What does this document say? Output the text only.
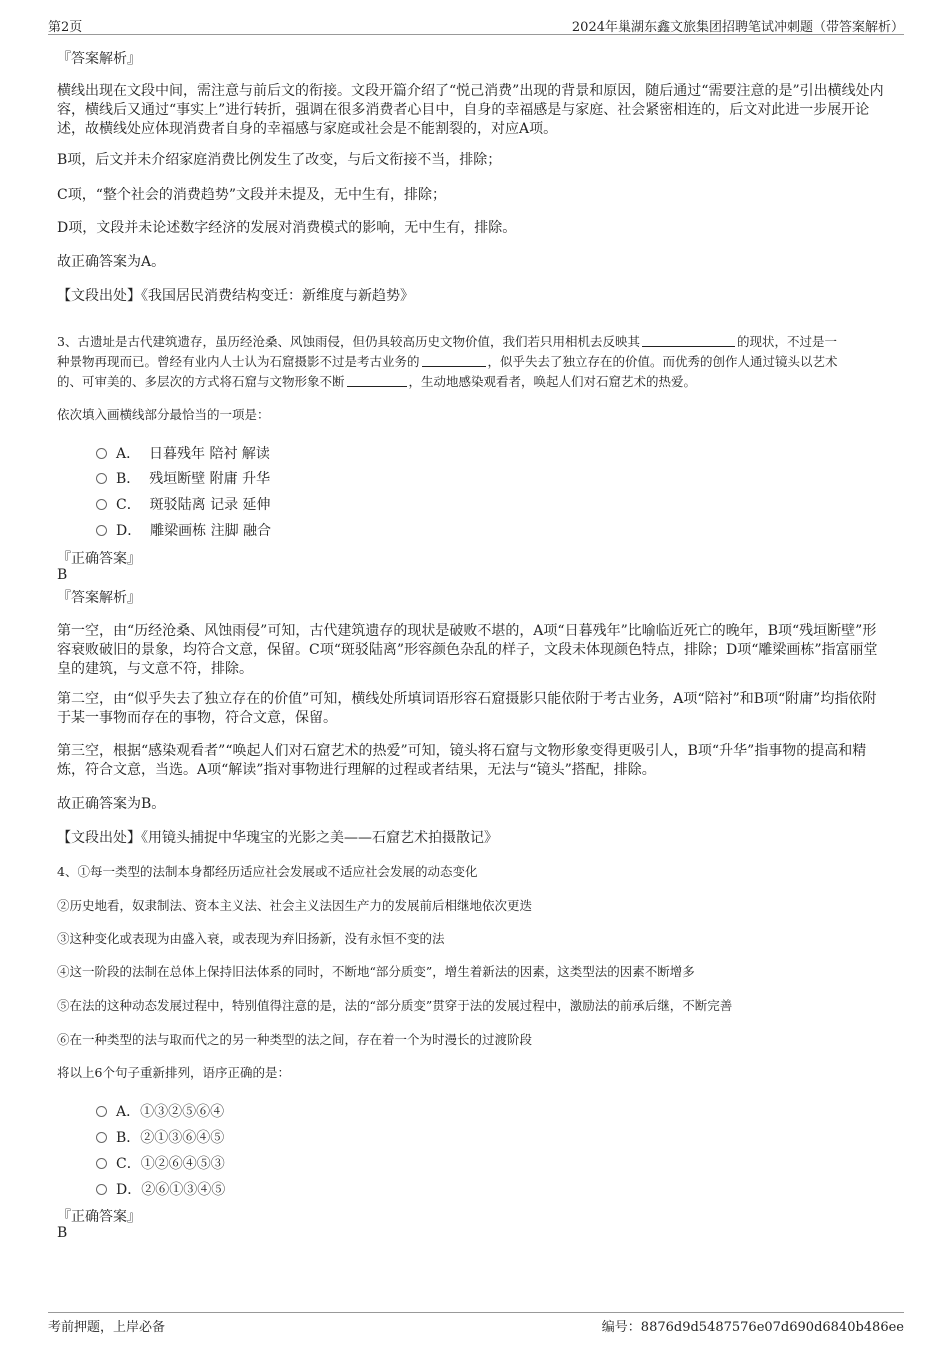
第2页	2024年巢湖东鑫文旅集团招聘笔试冲刺题（带答案解析）
『答案解析』
横线出现在文段中间，需注意与前后文的衔接。文段开篇介绍了“悦己消费”出现的背景和原因，随后通过“需要注意的是”引出横线处内容，横线后又通过“事实上”进行转折，强调在很多消费者心目中，自身的幸福感是与家庭、社会紧密相连的，后文对此进一步展开论述，故横线处应体现消费者自身的幸福感与家庭或社会是不能割裂的，对应A项。
B项，后文并未介绍家庭消费比例发生了改变，与后文衔接不当，排除；
C项，“整个社会的消费趋势”文段并未提及，无中生有，排除；
D项，文段并未论述数字经济的发展对消费模式的影响，无中生有，排除。
故正确答案为A。
【文段出处】《我国居民消费结构变迁：新维度与新趋势》
3、古遗址是古代建筑遗存，虽历经沧桑、风蚀雨侵，但仍具较高历史文物价值，我们若只用相机去反映其	的现状，不过是一
种景物再现而已。曾经有业内人士认为石窟摄影不过是考古业务的	，似乎失去了独立存在的价值。而优秀的创作人通过镜头以艺术
的、可审美的、多层次的方式将石窟与文物形象不断	，生动地感染观看者，唤起人们对石窟艺术的热爱。
依次填入画横线部分最恰当的一项是：
A． 日暮残年 陪衬 解读
B． 残垣断壁 附庸 升华
C． 斑驳陆离 记录 延伸
D． 雕梁画栋 注脚 融合
『正确答案』
B
『答案解析』
第一空，由“历经沧桑、风蚀雨侵”可知，古代建筑遗存的现状是破败不堪的，A项“日暮残年”比喻临近死亡的晚年，B项“残垣断壁”形容衰败破旧的景象，均符合文意，保留。C项“斑驳陆离”形容颜色杂乱的样子，文段未体现颜色特点，排除；D项“雕梁画栋”指富丽堂皇的建筑，与文意不符，排除。
第二空，由“似乎失去了独立存在的价值”可知，横线处所填词语形容石窟摄影只能依附于考古业务，A项“陪衬”和B项“附庸”均指依附于某一事物而存在的事物，符合文意，保留。
第三空，根据“感染观看者”“唤起人们对石窟艺术的热爱”可知，镜头将石窟与文物形象变得更吸引人，B项“升华”指事物的提高和精炼，符合文意，当选。A项“解读”指对事物进行理解的过程或者结果，无法与“镜头”搭配，排除。
故正确答案为B。
【文段出处】《用镜头捕捉中华瑰宝的光影之美——石窟艺术拍摄散记》
4、①每一类型的法制本身都经历适应社会发展或不适应社会发展的动态变化
②历史地看，奴隶制法、资本主义法、社会主义法因生产力的发展前后相继地依次更迭
③这种变化或表现为由盛入衰，或表现为弃旧扬新，没有永恒不变的法
④这一阶段的法制在总体上保持旧法体系的同时，不断地“部分质变”，增生着新法的因素，这类型法的因素不断增多
⑤在法的这种动态发展过程中，特别值得注意的是，法的“部分质变”贯穿于法的发展过程中，激励法的前承后继，不断完善
⑥在一种类型的法与取而代之的另一种类型的法之间，存在着一个为时漫长的过渡阶段
将以上6个句子重新排列，语序正确的是：
A．①③②⑤⑥④
B．②①③⑥④⑤
C．①②⑥④⑤③
D．②⑥①③④⑤
『正确答案』
B
考前押题，上岸必备	编号：8876d9d5487576e07d690d6840b486ee
